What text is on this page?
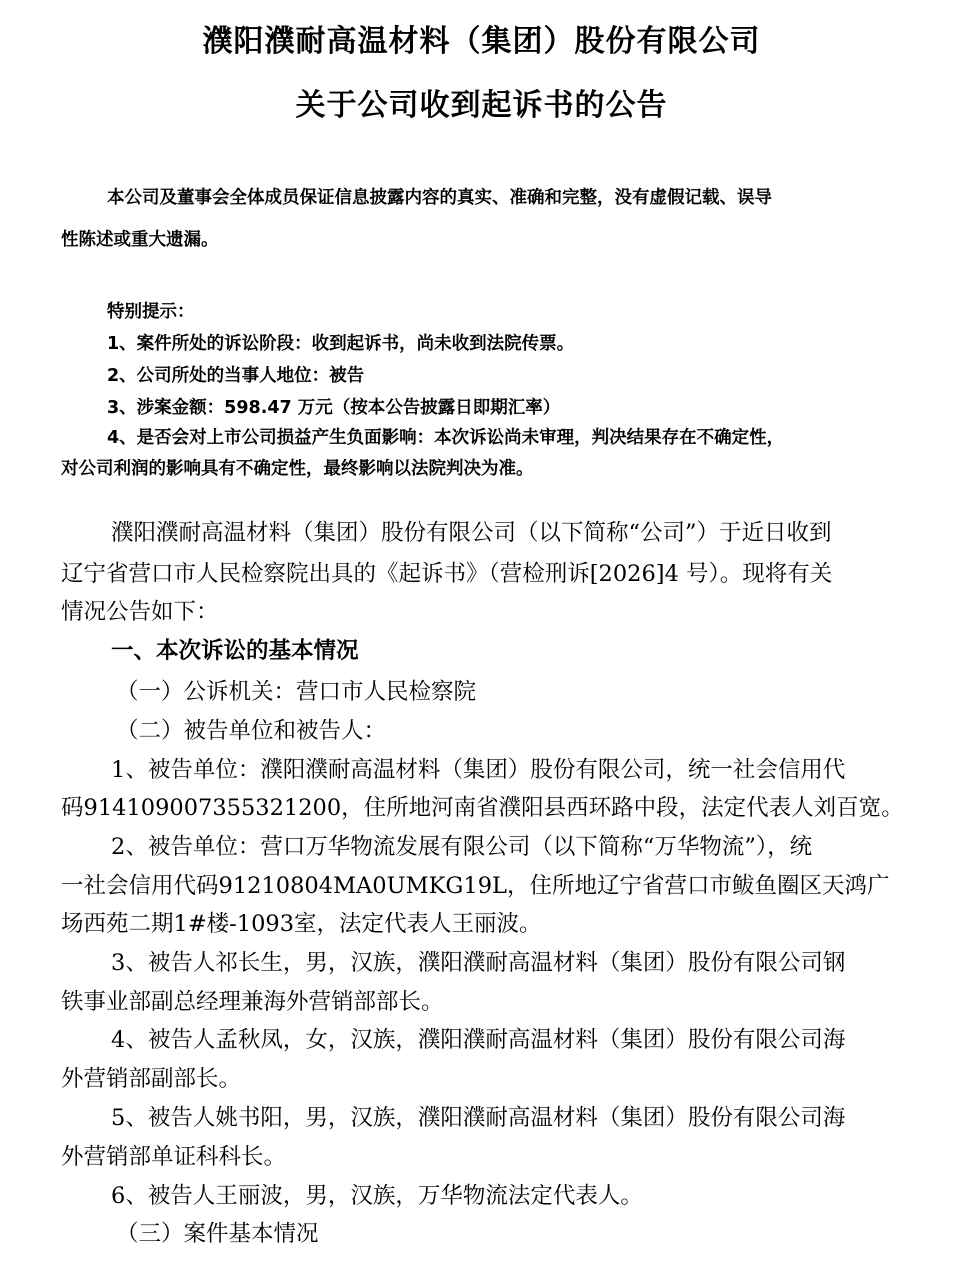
濮阳濮耐高温材料（集团）股份有限公司
关于公司收到起诉书的公告
本公司及董事会全体成员保证信息披露内容的真实、准确和完整，没有虚假记载、误导
性陈述或重大遗漏。
特别提示：
1、案件所处的诉讼阶段：收到起诉书，尚未收到法院传票。
2、公司所处的当事人地位：被告
3、涉案金额：598.47 万元（按本公告披露日即期汇率）
4、是否会对上市公司损益产生负面影响：本次诉讼尚未审理，判决结果存在不确定性，
对公司利润的影响具有不确定性，最终影响以法院判决为准。
濮阳濮耐高温材料（集团）股份有限公司（以下简称“公司”）于近日收到
辽宁省营口市人民检察院出具的《起诉书》（营检刑诉[2026]4 号）。现将有关
情况公告如下：
一、本次诉讼的基本情况
（一）公诉机关：营口市人民检察院
（二）被告单位和被告人：
1、被告单位：濮阳濮耐高温材料（集团）股份有限公司，统一社会信用代
码914109007355321200，住所地河南省濮阳县西环路中段，法定代表人刘百宽。
2、被告单位：营口万华物流发展有限公司（以下简称“万华物流”），统
一社会信用代码91210804MA0UMKG19L，住所地辽宁省营口市鲅鱼圈区天鸿广
场西苑二期1#楼-1093室，法定代表人王丽波。
3、被告人祁长生，男，汉族，濮阳濮耐高温材料（集团）股份有限公司钢
铁事业部副总经理兼海外营销部部长。
4、被告人孟秋凤，女，汉族，濮阳濮耐高温材料（集团）股份有限公司海
外营销部副部长。
5、被告人姚书阳，男，汉族，濮阳濮耐高温材料（集团）股份有限公司海
外营销部单证科科长。
6、被告人王丽波，男，汉族，万华物流法定代表人。
（三）案件基本情况
